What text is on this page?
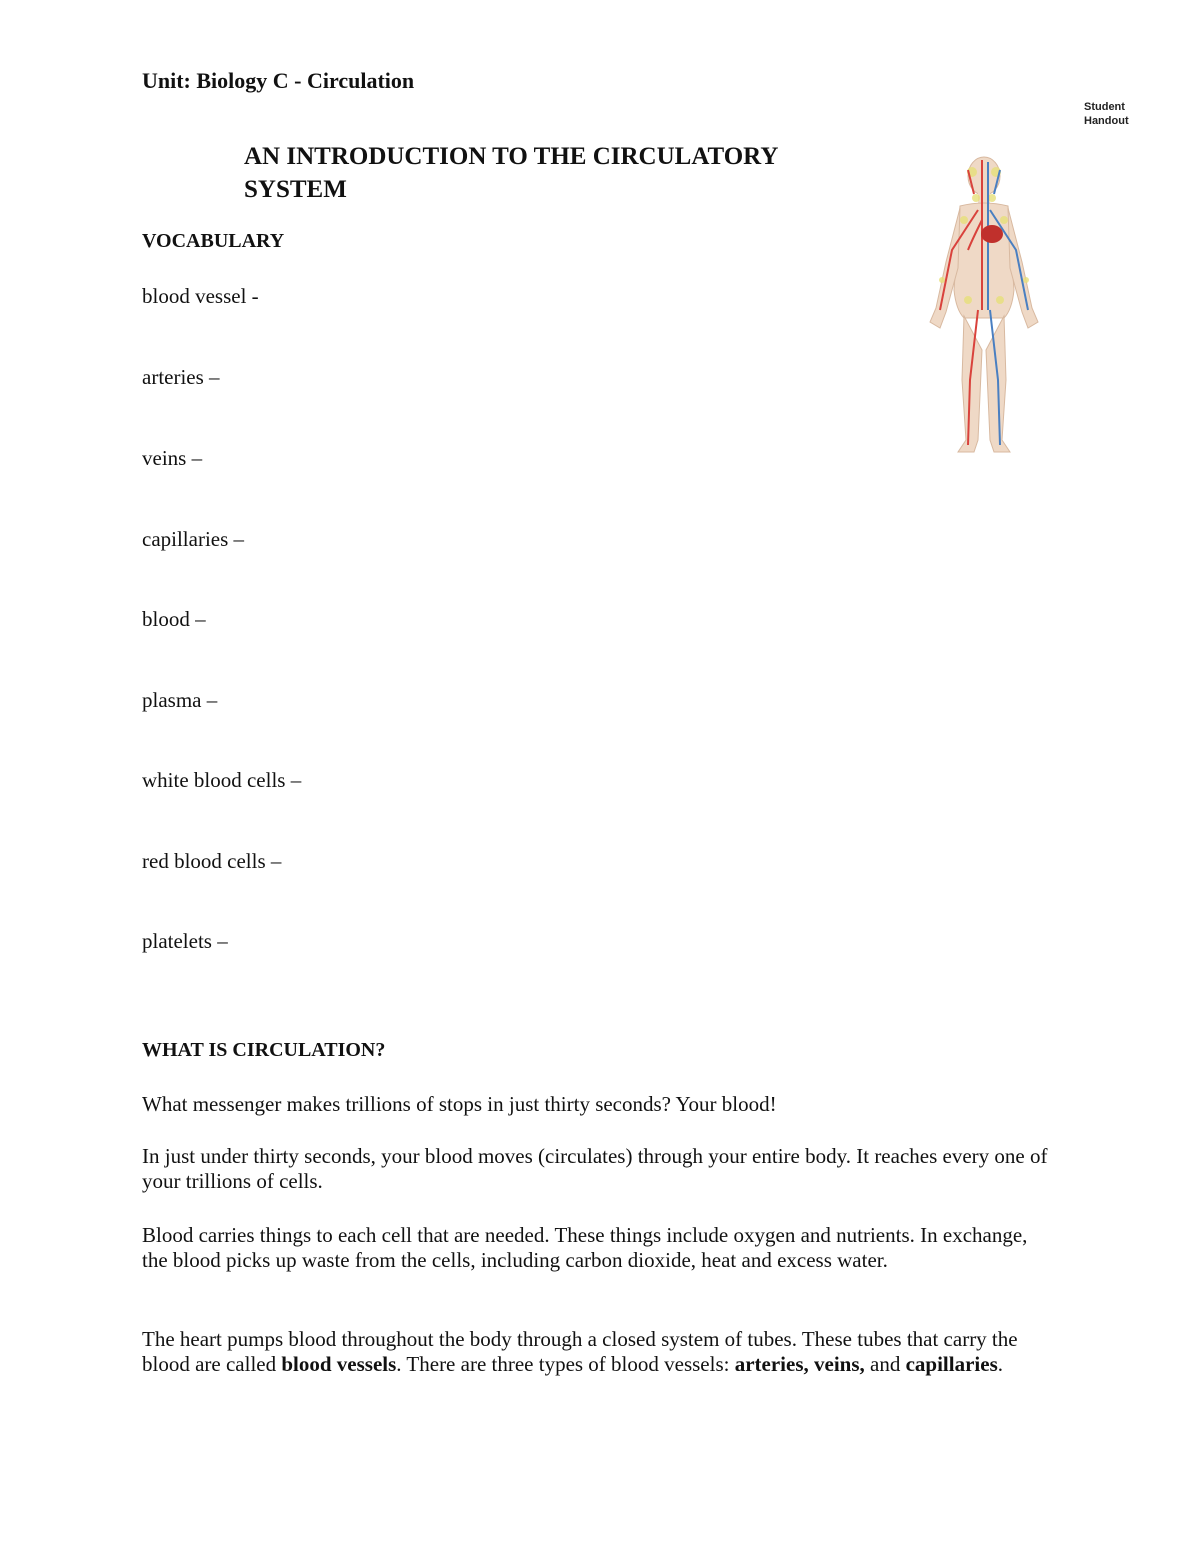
Unit: Biology C - Circulation
Student
Handout
AN INTRODUCTION TO THE CIRCULATORY
SYSTEM
VOCABULARY
blood vessel -
arteries –
veins –
capillaries –
blood –
plasma –
white blood cells –
red blood cells –
platelets –
WHAT IS CIRCULATION?
What messenger makes trillions of stops in just thirty seconds? Your blood!
In just under thirty seconds, your blood moves (circulates) through your entire body. It reaches every one of your trillions of cells.
Blood carries things to each cell that are needed. These things include oxygen and nutrients. In exchange, the blood picks up waste from the cells, including carbon dioxide, heat and excess water.
The heart pumps blood throughout the body through a closed system of tubes. These tubes that carry the blood are called blood vessels. There are three types of blood vessels: arteries, veins, and capillaries.
